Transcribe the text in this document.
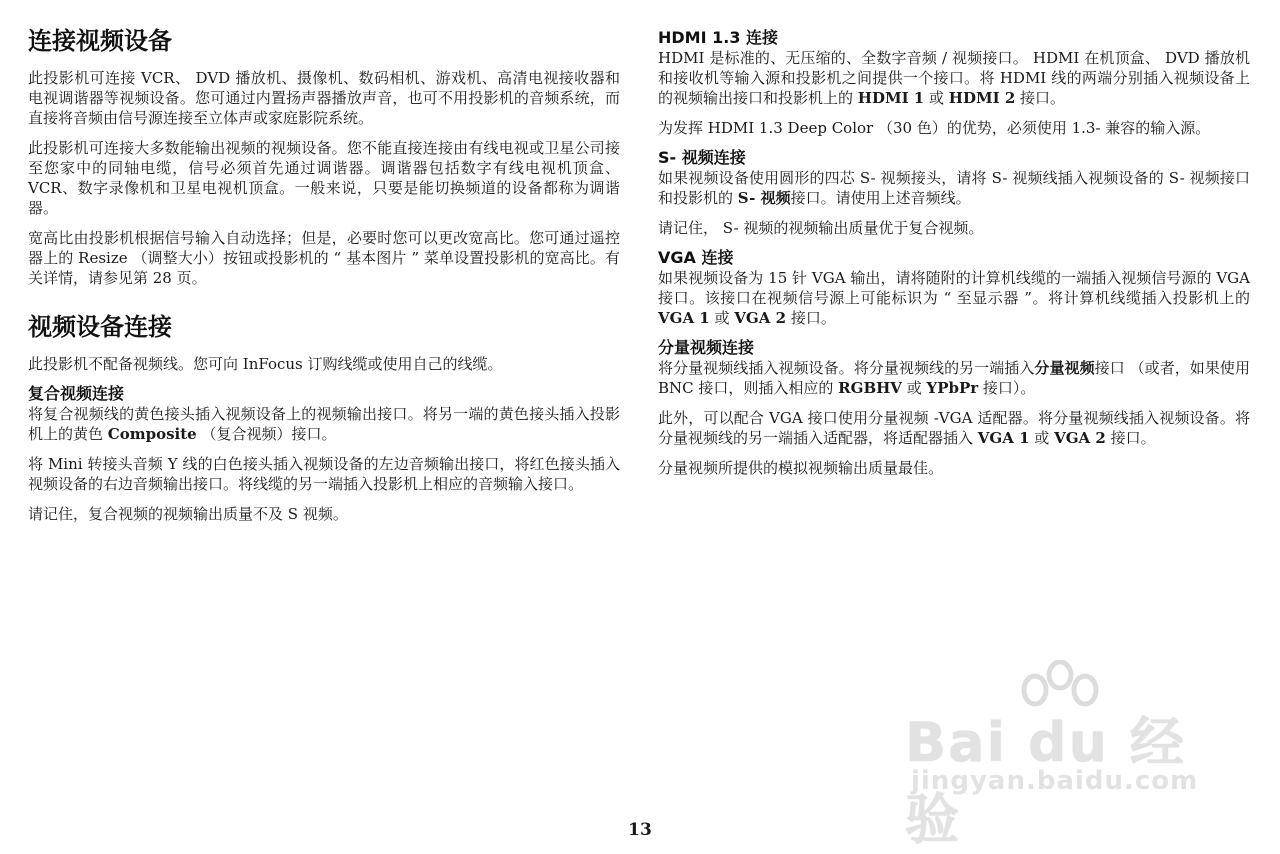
连接视频设备

此投影机可连接 VCR、 DVD 播放机、摄像机、数码相机、游戏机、高清电视接收器和电视调谐器等视频设备。您可通过内置扬声器播放声音，也可不用投影机的音频系统，而直接将音频由信号源连接至立体声或家庭影院系统。

此投影机可连接大多数能输出视频的视频设备。您不能直接连接由有线电视或卫星公司接至您家中的同轴电缆，信号必须首先通过调谐器。调谐器包括数字有线电视机顶盒、 VCR、数字录像机和卫星电视机顶盒。一般来说，只要是能切换频道的设备都称为调谐器。

宽高比由投影机根据信号输入自动选择；但是，必要时您可以更改宽高比。您可通过遥控器上的 Resize （调整大小）按钮或投影机的 “ 基本图片 ” 菜单设置投影机的宽高比。有关详情，请参见第 28 页。

视频设备连接

此投影机不配备视频线。您可向 InFocus 订购线缆或使用自己的线缆。

复合视频连接

将复合视频线的黄色接头插入视频设备上的视频输出接口。将另一端的黄色接头插入投影机上的黄色 Composite （复合视频）接口。

将 Mini 转接头音频 Y 线的白色接头插入视频设备的左边音频输出接口，将红色接头插入视频设备的右边音频输出接口。将线缆的另一端插入投影机上相应的音频输入接口。

请记住，复合视频的视频输出质量不及 S 视频。

HDMI 1.3 连接

HDMI 是标准的、无压缩的、全数字音频 / 视频接口。 HDMI 在机顶盒、 DVD 播放机和接收机等输入源和投影机之间提供一个接口。将 HDMI 线的两端分别插入视频设备上的视频输出接口和投影机上的 HDMI 1 或 HDMI 2 接口。

为发挥 HDMI 1.3 Deep Color （30 色）的优势，必须使用 1.3- 兼容的输入源。

S- 视频连接

如果视频设备使用圆形的四芯 S- 视频接头，请将 S- 视频线插入视频设备的 S- 视频接口和投影机的 S- 视频接口。请使用上述音频线。

请记住， S- 视频的视频输出质量优于复合视频。

VGA 连接

如果视频设备为 15 针 VGA 输出，请将随附的计算机线缆的一端插入视频信号源的 VGA 接口。该接口在视频信号源上可能标识为 “ 至显示器 ”。将计算机线缆插入投影机上的 VGA 1 或 VGA 2 接口。

分量视频连接

将分量视频线插入视频设备。将分量视频线的另一端插入分量视频接口 （或者，如果使用 BNC 接口，则插入相应的 RGBHV 或 YPbPr 接口）。

此外，可以配合 VGA 接口使用分量视频 -VGA 适配器。将分量视频线插入视频设备。将分量视频线的另一端插入适配器，将适配器插入 VGA 1 或 VGA 2 接口。

分量视频所提供的模拟视频输出质量最佳。

Bai du 经验
jingyan.baidu.com
13
